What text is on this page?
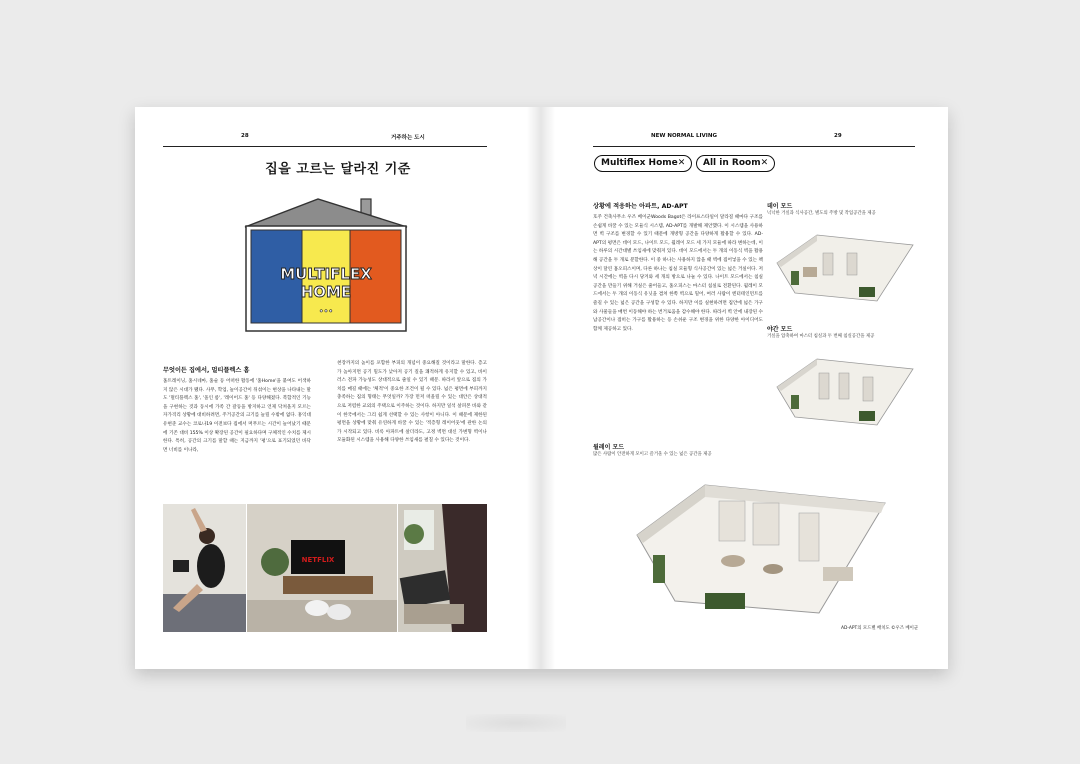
28	거주하는 도시
집을 고르는 달라진 기준
MULTIFLEX
HOME
•••
무엇이든 집에서, 멀티플렉스 홈
홈트레이닝, 홈시네마, 홈술 등 어떠한 활동에 '홈Home'을 붙여도 어색하지 않은 시대가 됐다. 사무, 학업, 놀이공간이 뒤섞이는 현상을 나타내는 말도 '멀티플렉스 홈', '올인 룸', '레이어드 홈' 등 다양해졌다. 복합적인 기능을 구현하는 것과 동시에 가족 간 갈등을 방지하고 언제 닥쳐올지 모르는 자가격리 상황에 대비하려면, 주거공간의 크기를 늘릴 수밖에 없다. 홍익대 유현준 교수는 코로나19 이전보다 집에서 머무르는 시간이 늘어났기 때문에 기존 대비 155% 이상 확장된 공간이 필요하다며 구체적인 수치를 제시한다. 특히, 공간의 크기를 말할 때는 지금까지 '평'으로 표기되었던 바닥 면 너비를 이나라,
천장까지의 높이를 포함한 부피의 개념이 중요해질 것이라고 말한다. 층고가 높아지면 공기 밀도가 낮아져 공기 질을 쾌적하게 유지할 수 있고, 바이러스 전파 가능성도 상대적으로 줄일 수 있기 때문. 따라서 앞으로 집의 가치를 매길 때에는 '체적'이 중요한 조건이 될 수 있다. 넓은 평면에 부피까지 충족하는 집의 형태는 무엇일까? 가장 먼저 떠올릴 수 있는 대안은 상대적으로 저렴한 교외의 주택으로 이주하는 것이다. 하지만 일석 살펴본 바와 같이 한국에서는 그리 쉽게 선택할 수 있는 사항이 아니다. 이 때문에 제한된 평면을 상황에 맞춰 유연하게 바꿀 수 있는 '적층형 레이어웃'에 관한 논의가 시작되고 있다. 비록 아파트에 살더라도, 고정 벽면 대신 가변형 벽이나 모듈화된 시스템을 사용해 다양한 쓰임새를 펼칠 수 있다는 것이다.
NETFLIX
NEW NORMAL LIVING	29
Multiflex Home✕	All in Room✕
상황에 적응하는 아파트, AD-APT
호주 건축사무소 우즈 베이군Woods Bagot은 라이프스타일이 달라질 때마다 구조를 손쉽게 바꿀 수 있는 모듈식 시스템, AD-APT를 개발해 제안했다. 이 시스템을 사용하면 벽 구조를 변경할 수 있기 때문에 개방형 공간을 다양하게 활용할 수 있다. AD-APT의 평면은 데이 모드, 나이트 모드, 윌레이 모드 세 가지 모듈에 따라 변하는데, 이는 하루의 시간대별 쓰임새에 맞춰져 있다. 데이 모드에서는 두 개의 이동식 벽을 활용해 공간을 두 개로 분할한다. 이 중 하나는 사용하지 않을 때 벽에 집어넣을 수 있는 책상이 달린 홈오피스이며, 다른 하나는 침실 모듈형 식사공간이 있는 넓은 거실이다. 저녁 시간에는 벽을 다시 당겨와 세 개의 방으로 나눌 수 있다. 나이트 모드에서는 침실공간을 만들기 위해 거실은 줄어들고, 홈오피스는 마스터 침실로 전환된다. 윌레이 모드에서는 두 개의 이동식 유닛을 겹쳐 한쪽 벽으로 밀어, 여러 사람이 엔터테인먼트를 즐길 수 있는 넓은 공간을 구성할 수 있다. 하지만 이를 실현하려면 집안에 넓은 가구와 사물들을 매번 이동해야 하는 번거로움을 감수해야 한다. 따라서 벽 안에 내장된 수납공간이나 접히는 가구를 활용하는 등 손쉬운 구조 변경을 위한 다양한 아이디어도 함께 제공하고 있다.
데이 모드
넉넉한 거실과 식사공간, 별도의 주방 및 작업공간을 제공
야간 모드
거실을 압축하여 마스터 침실과 두 번째 침실공간을 제공
윌레이 모드
많은 사람이 안전하게 모이고 즐거울 수 있는 넓은 공간을 제공
AD-APT의 모드별 배치도 ©우즈 베이군
